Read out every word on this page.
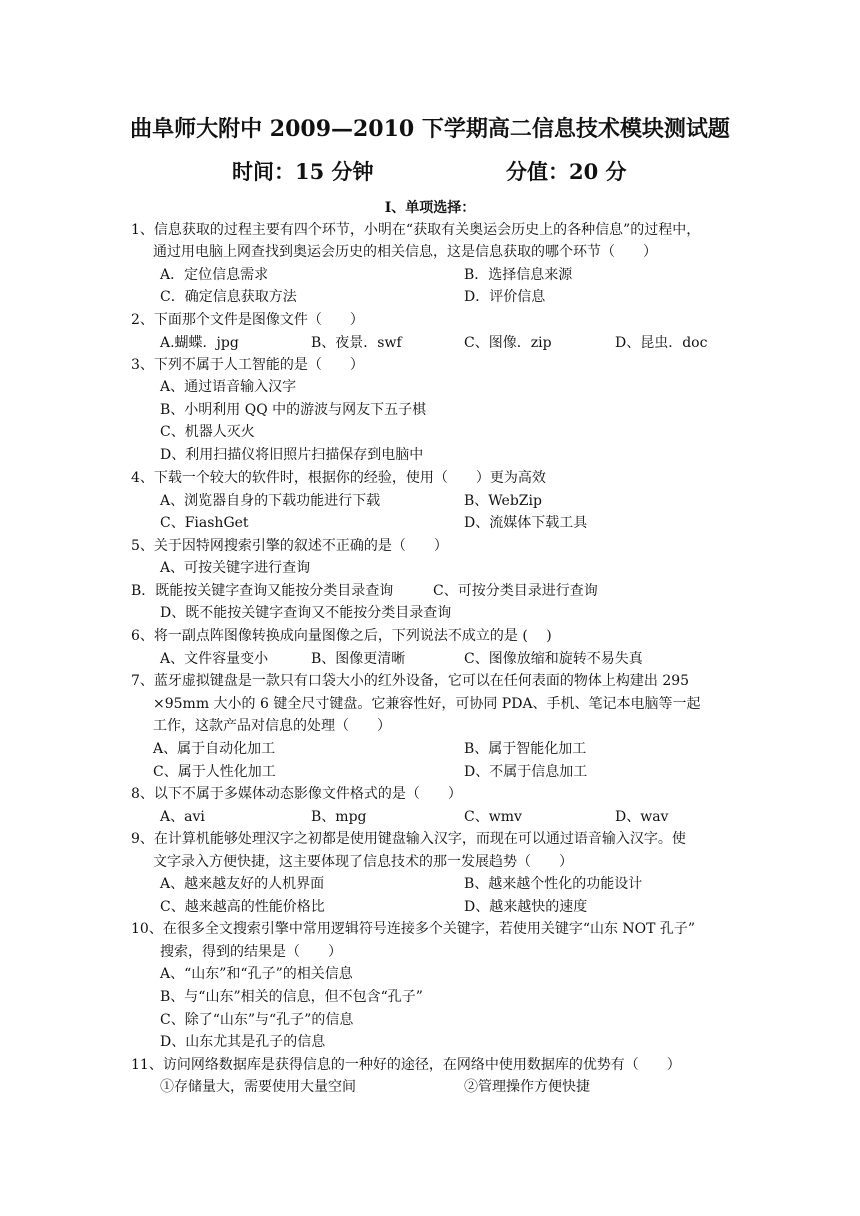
曲阜师大附中 2009—2010 下学期高二信息技术模块测试题
时间：15 分钟	分值：20 分
I、单项选择：
1、信息获取的过程主要有四个环节，小明在“获取有关奥运会历史上的各种信息”的过程中，
通过用电脑上网查找到奥运会历史的相关信息，这是信息获取的哪个环节（　　）
A．定位信息需求	B．选择信息来源
C．确定信息获取方法	D．评价信息
2、下面那个文件是图像文件（　　）
A.蝴蝶．jpg	B、夜景．swf	C、图像．zip	D、昆虫．doc
3、下列不属于人工智能的是（　　）
A、通过语音输入汉字
B、小明利用 QQ 中的游波与网友下五子棋
C、机器人灭火
D、利用扫描仪将旧照片扫描保存到电脑中
4、下载一个较大的软件时，根据你的经验，使用（　　）更为高效
A、浏览器自身的下载功能进行下载	B、WebZip
C、FiashGet	D、流媒体下载工具
5、关于因特网搜索引擎的叙述不正确的是（　　）
A、可按关键字进行查询
B．既能按关键字查询又能按分类目录查询	C、可按分类目录进行查询
D、既不能按关键字查询又不能按分类目录查询
6、将一副点阵图像转换成向量图像之后，下列说法不成立的是 (　 )
A、文件容量变小	B、图像更清晰	C、图像放缩和旋转不易失真
7、蓝牙虚拟键盘是一款只有口袋大小的红外设备，它可以在任何表面的物体上构建出 295
×95mm 大小的 6 键全尺寸键盘。它兼容性好，可协同 PDA、手机、笔记本电脑等一起
工作，这款产品对信息的处理（　　）
A、属于自动化加工	B、属于智能化加工
C、属于人性化加工	D、不属于信息加工
8、以下不属于多媒体动态影像文件格式的是（　　）
A、avi	B、mpg	C、wmv	D、wav
9、在计算机能够处理汉字之初都是使用键盘输入汉字，而现在可以通过语音输入汉字。使
文字录入方便快捷，这主要体现了信息技术的那一发展趋势（　　）
A、越来越友好的人机界面	B、越来越个性化的功能设计
C、越来越高的性能价格比	D、越来越快的速度
10、在很多全文搜索引擎中常用逻辑符号连接多个关键字，若使用关键字“山东 NOT 孔子”
搜索，得到的结果是（　　）
A、“山东”和“孔子”的相关信息
B、与“山东”相关的信息，但不包含“孔子”
C、除了“山东”与“孔子”的信息
D、山东尤其是孔子的信息
11、访问网络数据库是获得信息的一种好的途径，在网络中使用数据库的优势有（　　）
①存储量大，需要使用大量空间	②管理操作方便快捷
